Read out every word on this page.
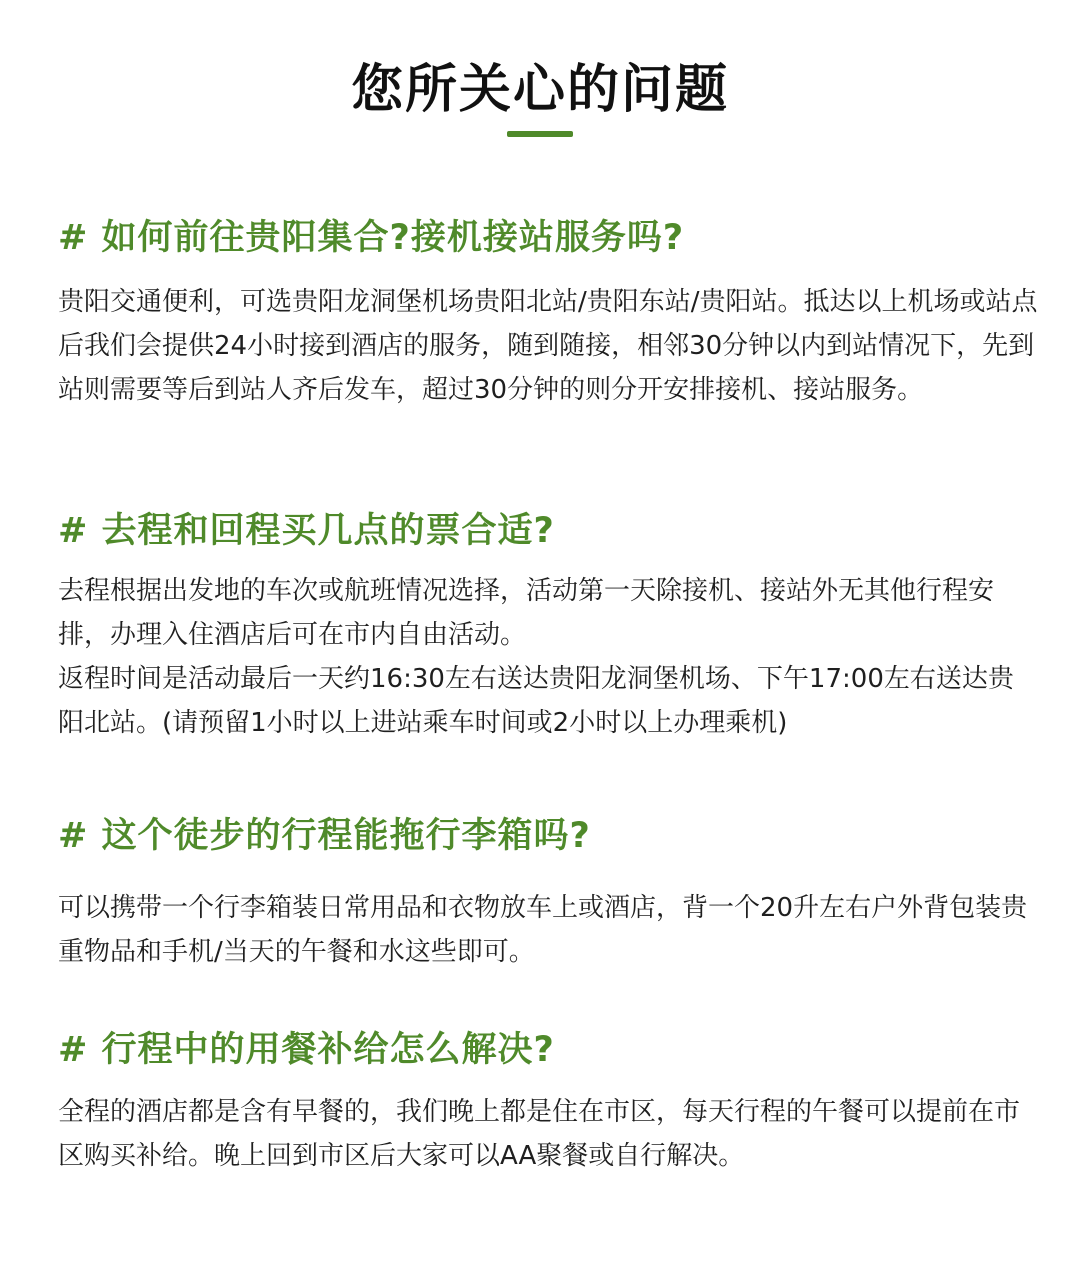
您所关心的问题
# 如何前往贵阳集合?接机接站服务吗?

贵阳交通便利，可选贵阳龙洞堡机场贵阳北站/贵阳东站/贵阳站。抵达以上机场或站点后我们会提供24小时接到酒店的服务，随到随接，相邻30分钟以内到站情况下，先到站则需要等后到站人齐后发车，超过30分钟的则分开安排接机、接站服务。

# 去程和回程买几点的票合适?

去程根据出发地的车次或航班情况选择，活动第一天除接机、接站外无其他行程安排，办理入住酒店后可在市内自由活动。

返程时间是活动最后一天约16:30左右送达贵阳龙洞堡机场、下午17:00左右送达贵阳北站。(请预留1小时以上进站乘车时间或2小时以上办理乘机)

# 这个徒步的行程能拖行李箱吗?

可以携带一个行李箱装日常用品和衣物放车上或酒店，背一个20升左右户外背包装贵重物品和手机/当天的午餐和水这些即可。

# 行程中的用餐补给怎么解决?

全程的酒店都是含有早餐的，我们晚上都是住在市区，每天行程的午餐可以提前在市区购买补给。晚上回到市区后大家可以AA聚餐或自行解决。
